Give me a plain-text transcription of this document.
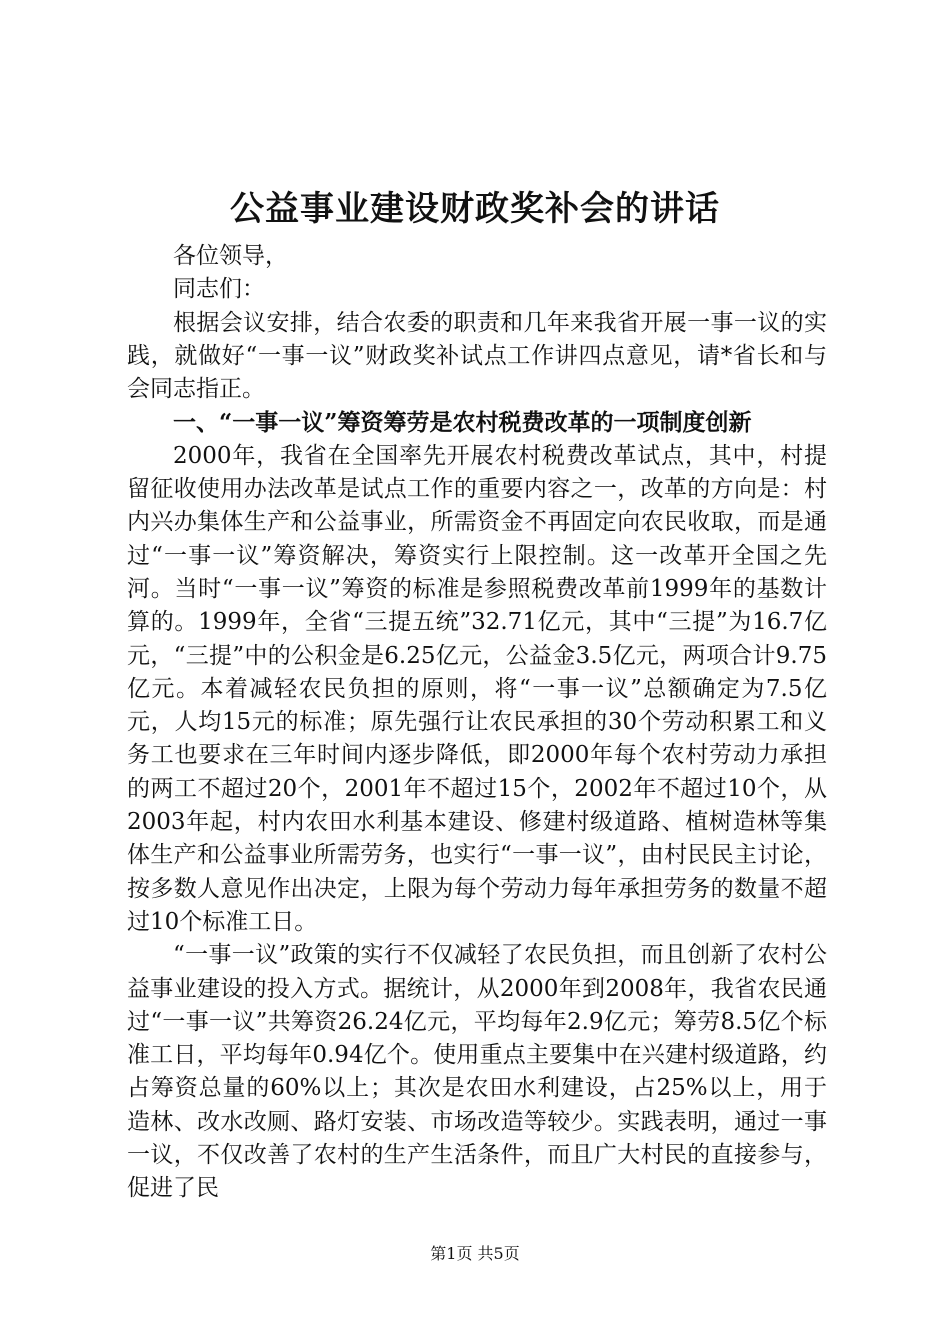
公益事业建设财政奖补会的讲话

各位领导，

同志们：

根据会议安排，结合农委的职责和几年来我省开展一事一议的实践，就做好“一事一议”财政奖补试点工作讲四点意见，请*省长和与会同志指正。

一、“一事一议”筹资筹劳是农村税费改革的一项制度创新

2000年，我省在全国率先开展农村税费改革试点，其中，村提留征收使用办法改革是试点工作的重要内容之一，改革的方向是：村内兴办集体生产和公益事业，所需资金不再固定向农民收取，而是通过“一事一议”筹资解决，筹资实行上限控制。这一改革开全国之先河。当时“一事一议”筹资的标准是参照税费改革前1999年的基数计算的。1999年，全省“三提五统”32.71亿元，其中“三提”为16.7亿元，“三提”中的公积金是6.25亿元，公益金3.5亿元，两项合计9.75亿元。本着减轻农民负担的原则，将“一事一议”总额确定为7.5亿元，人均15元的标准；原先强行让农民承担的30个劳动积累工和义务工也要求在三年时间内逐步降低，即2000年每个农村劳动力承担的两工不超过20个，2001年不超过15个，2002年不超过10个，从2003年起，村内农田水利基本建设、修建村级道路、植树造林等集体生产和公益事业所需劳务，也实行“一事一议”，由村民民主讨论，按多数人意见作出决定，上限为每个劳动力每年承担劳务的数量不超过10个标准工日。

“一事一议”政策的实行不仅减轻了农民负担，而且创新了农村公益事业建设的投入方式。据统计，从2000年到2008年，我省农民通过“一事一议”共筹资26.24亿元，平均每年2.9亿元；筹劳8.5亿个标准工日，平均每年0.94亿个。使用重点主要集中在兴建村级道路，约占筹资总量的60%以上；其次是农田水利建设，占25%以上，用于造林、改水改厕、路灯安装、市场改造等较少。实践表明，通过一事一议，不仅改善了农村的生产生活条件，而且广大村民的直接参与，促进了民

第1页 共5页
